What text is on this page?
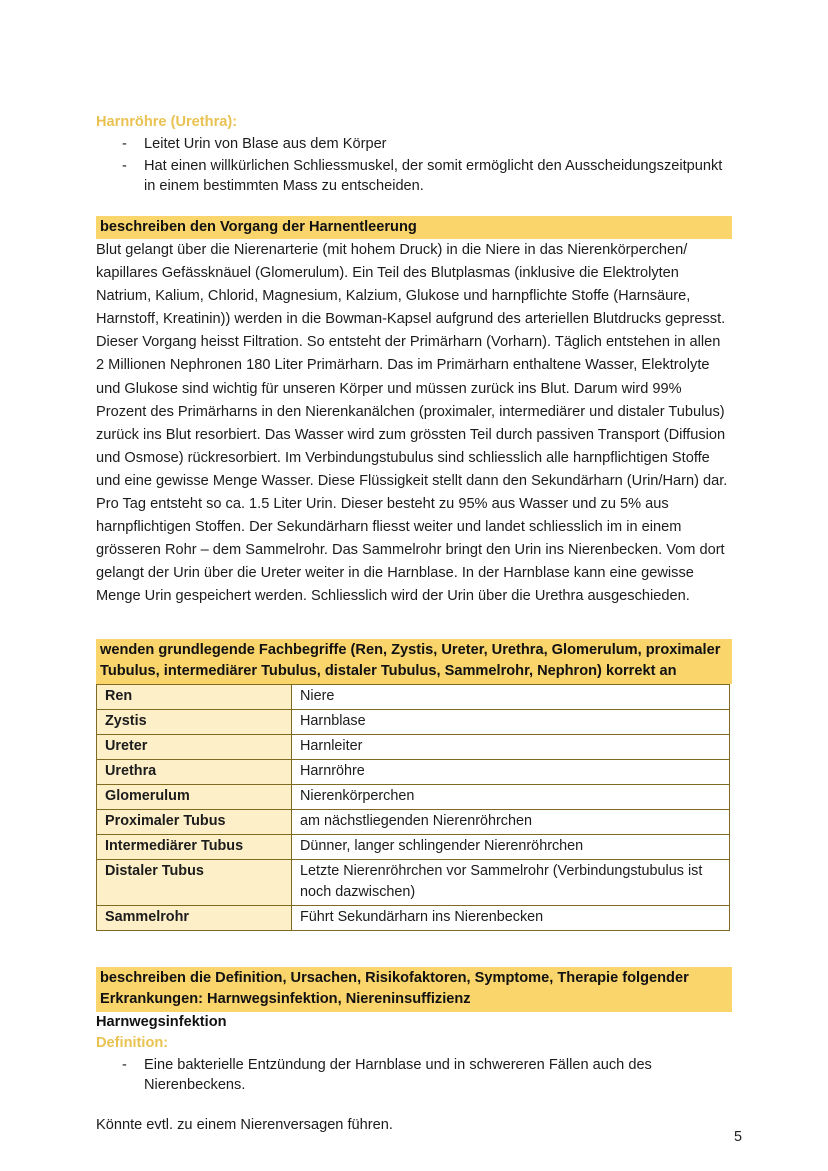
Harnröhre (Urethra):

- Leitet Urin von Blase aus dem Körper
- Hat einen willkürlichen Schliessmuskel, der somit ermöglicht den Ausscheidungszeitpunkt in einem bestimmten Mass zu entscheiden.

beschreiben den Vorgang der Harnentleerung

Blut gelangt über die Nierenarterie (mit hohem Druck) in die Niere in das Nierenkörperchen/ kapillares Gefässknäuel (Glomerulum). Ein Teil des Blutplasmas (inklusive die Elektrolyten Natrium, Kalium, Chlorid, Magnesium, Kalzium, Glukose und harnpflichte Stoffe (Harnsäure, Harnstoff, Kreatinin)) werden in die Bowman-Kapsel aufgrund des arteriellen Blutdrucks gepresst. Dieser Vorgang heisst Filtration. So entsteht der Primärharn (Vorharn). Täglich entstehen in allen 2 Millionen Nephronen 180 Liter Primärharn. Das im Primärharn enthaltene Wasser, Elektrolyte und Glukose sind wichtig für unseren Körper und müssen zurück ins Blut. Darum wird 99% Prozent des Primärharns in den Nierenkanälchen (proximaler, intermediärer und distaler Tubulus) zurück ins Blut resorbiert. Das Wasser wird zum grössten Teil durch passiven Transport (Diffusion und Osmose) rückresorbiert. Im Verbindungstubulus sind schliesslich alle harnpflichtigen Stoffe und eine gewisse Menge Wasser. Diese Flüssigkeit stellt dann den Sekundärharn (Urin/Harn) dar. Pro Tag entsteht so ca. 1.5 Liter Urin. Dieser besteht zu 95% aus Wasser und zu 5% aus harnpflichtigen Stoffen. Der Sekundärharn fliesst weiter und landet schliesslich im in einem grösseren Rohr – dem Sammelrohr. Das Sammelrohr bringt den Urin ins Nierenbecken. Vom dort gelangt der Urin über die Ureter weiter in die Harnblase. In der Harnblase kann eine gewisse Menge Urin gespeichert werden. Schliesslich wird der Urin über die Urethra ausgeschieden.

wenden grundlegende Fachbegriffe (Ren, Zystis, Ureter, Urethra, Glomerulum, proximaler Tubulus, intermediärer Tubulus, distaler Tubulus, Sammelrohr, Nephron) korrekt an

Ren	Niere
Zystis	Harnblase
Ureter	Harnleiter
Urethra	Harnröhre
Glomerulum	Nierenkörperchen
Proximaler Tubus	am nächstliegenden Nierenröhrchen
Intermediärer Tubus	Dünner, langer schlingender Nierenröhrchen
Distaler Tubus	Letzte Nierenröhrchen vor Sammelrohr (Verbindungstubulus ist noch dazwischen)
Sammelrohr	Führt Sekundärharn ins Nierenbecken

beschreiben die Definition, Ursachen, Risikofaktoren, Symptome, Therapie folgender Erkrankungen: Harnwegsinfektion, Niereninsuffizienz

Harnwegsinfektion

Definition:

- Eine bakterielle Entzündung der Harnblase und in schwereren Fällen auch des Nierenbeckens.

Könnte evtl. zu einem Nierenversagen führen.

5
